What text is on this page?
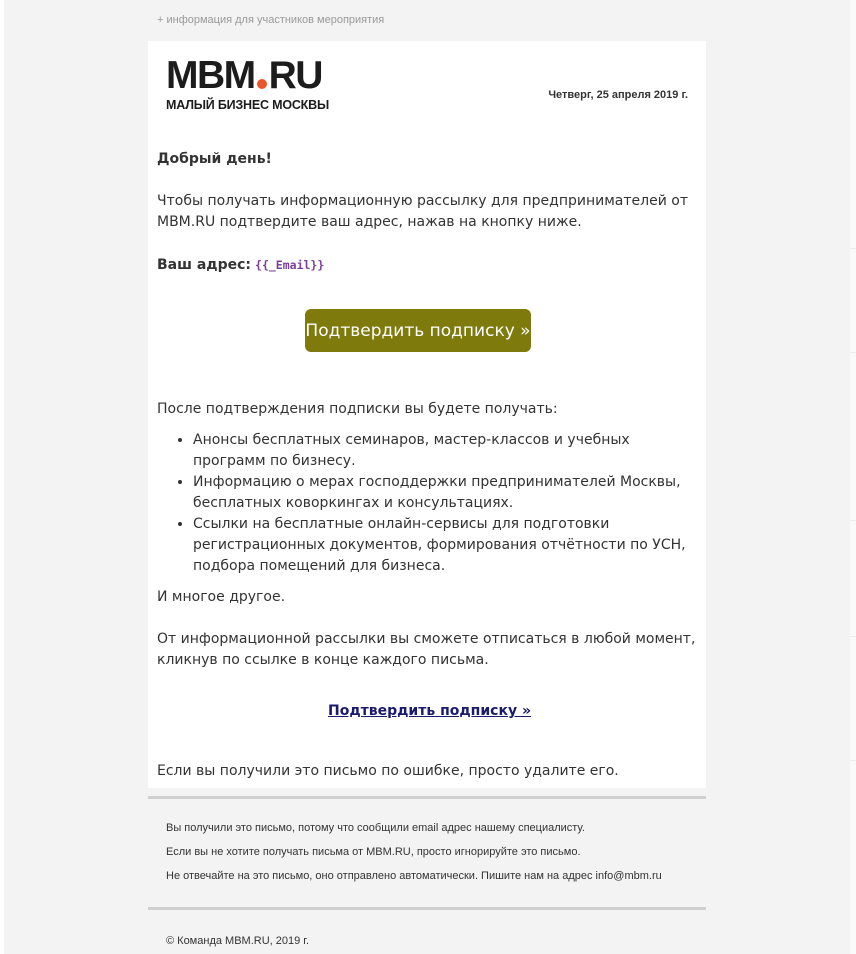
+ информация для участников мероприятия
MBM RU
МАЛЫЙ БИЗНЕС МОСКВЫ
Четверг, 25 апреля 2019 г.
Добрый день!
Чтобы получать информационную рассылку для предпринимателей от MBM.RU подтвердите ваш адрес, нажав на кнопку ниже.
Ваш адрес: {{_Email}}
После подтверждения подписки вы будете получать:
• Анонсы бесплатных семинаров, мастер-классов и учебных программ по бизнесу.
• Информацию о мерах господдержки предпринимателей Москвы, бесплатных коворкингах и консультациях.
• Ссылки на бесплатные онлайн-сервисы для подготовки регистрационных документов, формирования отчётности по УСН, подбора помещений для бизнеса.
И многое другое.
От информационной рассылки вы сможете отписаться в любой момент, кликнув по ссылке в конце каждого письма.
Подтвердить подписку »
Если вы получили это письмо по ошибке, просто удалите его.
Подтвердить подписку »
Вы получили это письмо, потому что сообщили email адрес нашему специалисту.
Если вы не хотите получать письма от MBM.RU, просто игнорируйте это письмо.
Не отвечайте на это письмо, оно отправлено автоматически. Пишите нам на адрес info@mbm.ru
© Команда MBM.RU, 2019 г.
